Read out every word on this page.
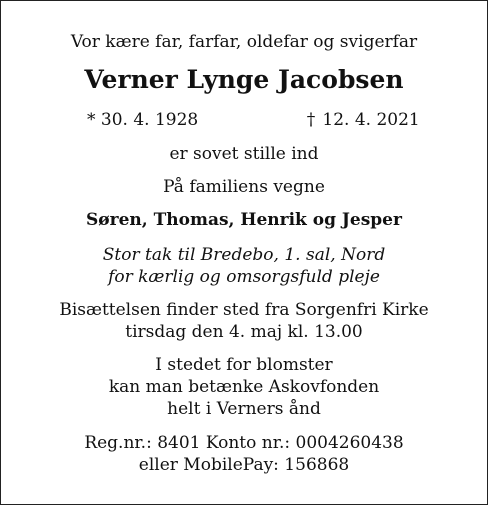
Vor kære far, farfar, oldefar og svigerfar
Verner Lynge Jacobsen
* 30. 4. 1928	† 12. 4. 2021
er sovet stille ind
På familiens vegne
Søren, Thomas, Henrik og Jesper
Stor tak til Bredebo, 1. sal, Nord
for kærlig og omsorgsfuld pleje
Bisættelsen finder sted fra Sorgenfri Kirke
tirsdag den 4. maj kl. 13.00
I stedet for blomster
kan man betænke Askovfonden
helt i Verners ånd
Reg.nr.: 8401 Konto nr.: 0004260438
eller MobilePay: 156868
